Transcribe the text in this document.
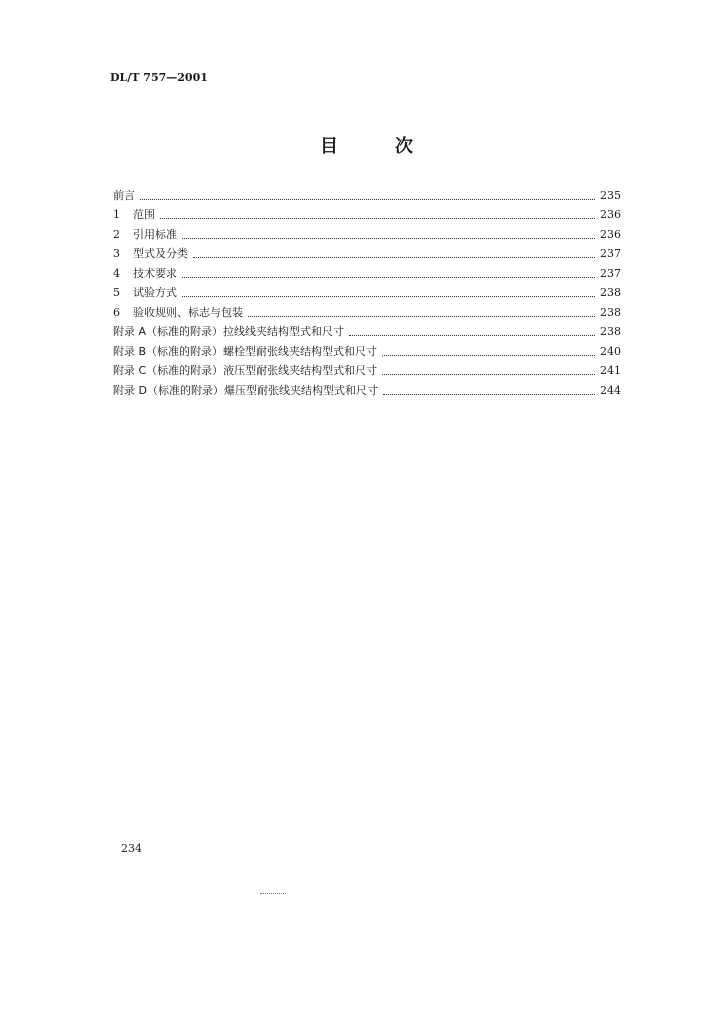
DL/T 757—2001
目	次
前言	235
1	范围	236
2	引用标准	236
3	型式及分类	237
4	技术要求	237
5	试验方式	238
6	验收规则、标志与包装	238
附录 A（标准的附录）拉线线夹结构型式和尺寸	238
附录 B（标准的附录）螺栓型耐张线夹结构型式和尺寸	240
附录 C（标准的附录）液压型耐张线夹结构型式和尺寸	241
附录 D（标准的附录）爆压型耐张线夹结构型式和尺寸	244
234
